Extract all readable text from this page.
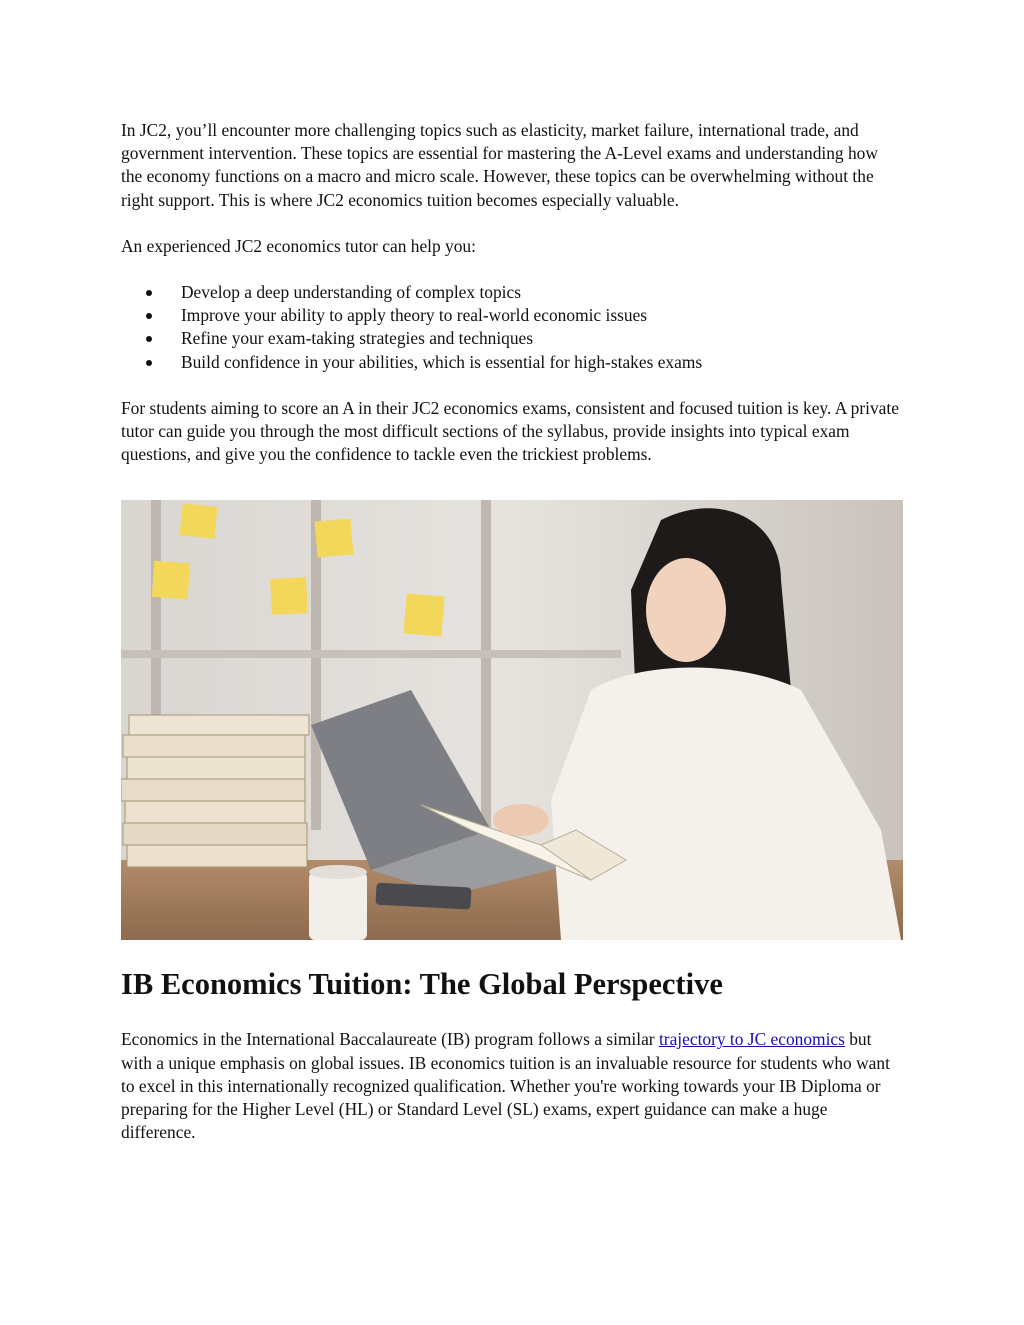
In JC2, you’ll encounter more challenging topics such as elasticity, market failure, international trade, and government intervention. These topics are essential for mastering the A-Level exams and understanding how the economy functions on a macro and micro scale. However, these topics can be overwhelming without the right support. This is where JC2 economics tuition becomes especially valuable.

An experienced JC2 economics tutor can help you:

Develop a deep understanding of complex topics
Improve your ability to apply theory to real-world economic issues
Refine your exam-taking strategies and techniques
Build confidence in your abilities, which is essential for high-stakes exams

For students aiming to score an A in their JC2 economics exams, consistent and focused tuition is key. A private tutor can guide you through the most difficult sections of the syllabus, provide insights into typical exam questions, and give you the confidence to tackle even the trickiest problems.

IB Economics Tuition: The Global Perspective

Economics in the International Baccalaureate (IB) program follows a similar trajectory to JC economics but with a unique emphasis on global issues. IB economics tuition is an invaluable resource for students who want to excel in this internationally recognized qualification. Whether you're working towards your IB Diploma or preparing for the Higher Level (HL) or Standard Level (SL) exams, expert guidance can make a huge difference.
